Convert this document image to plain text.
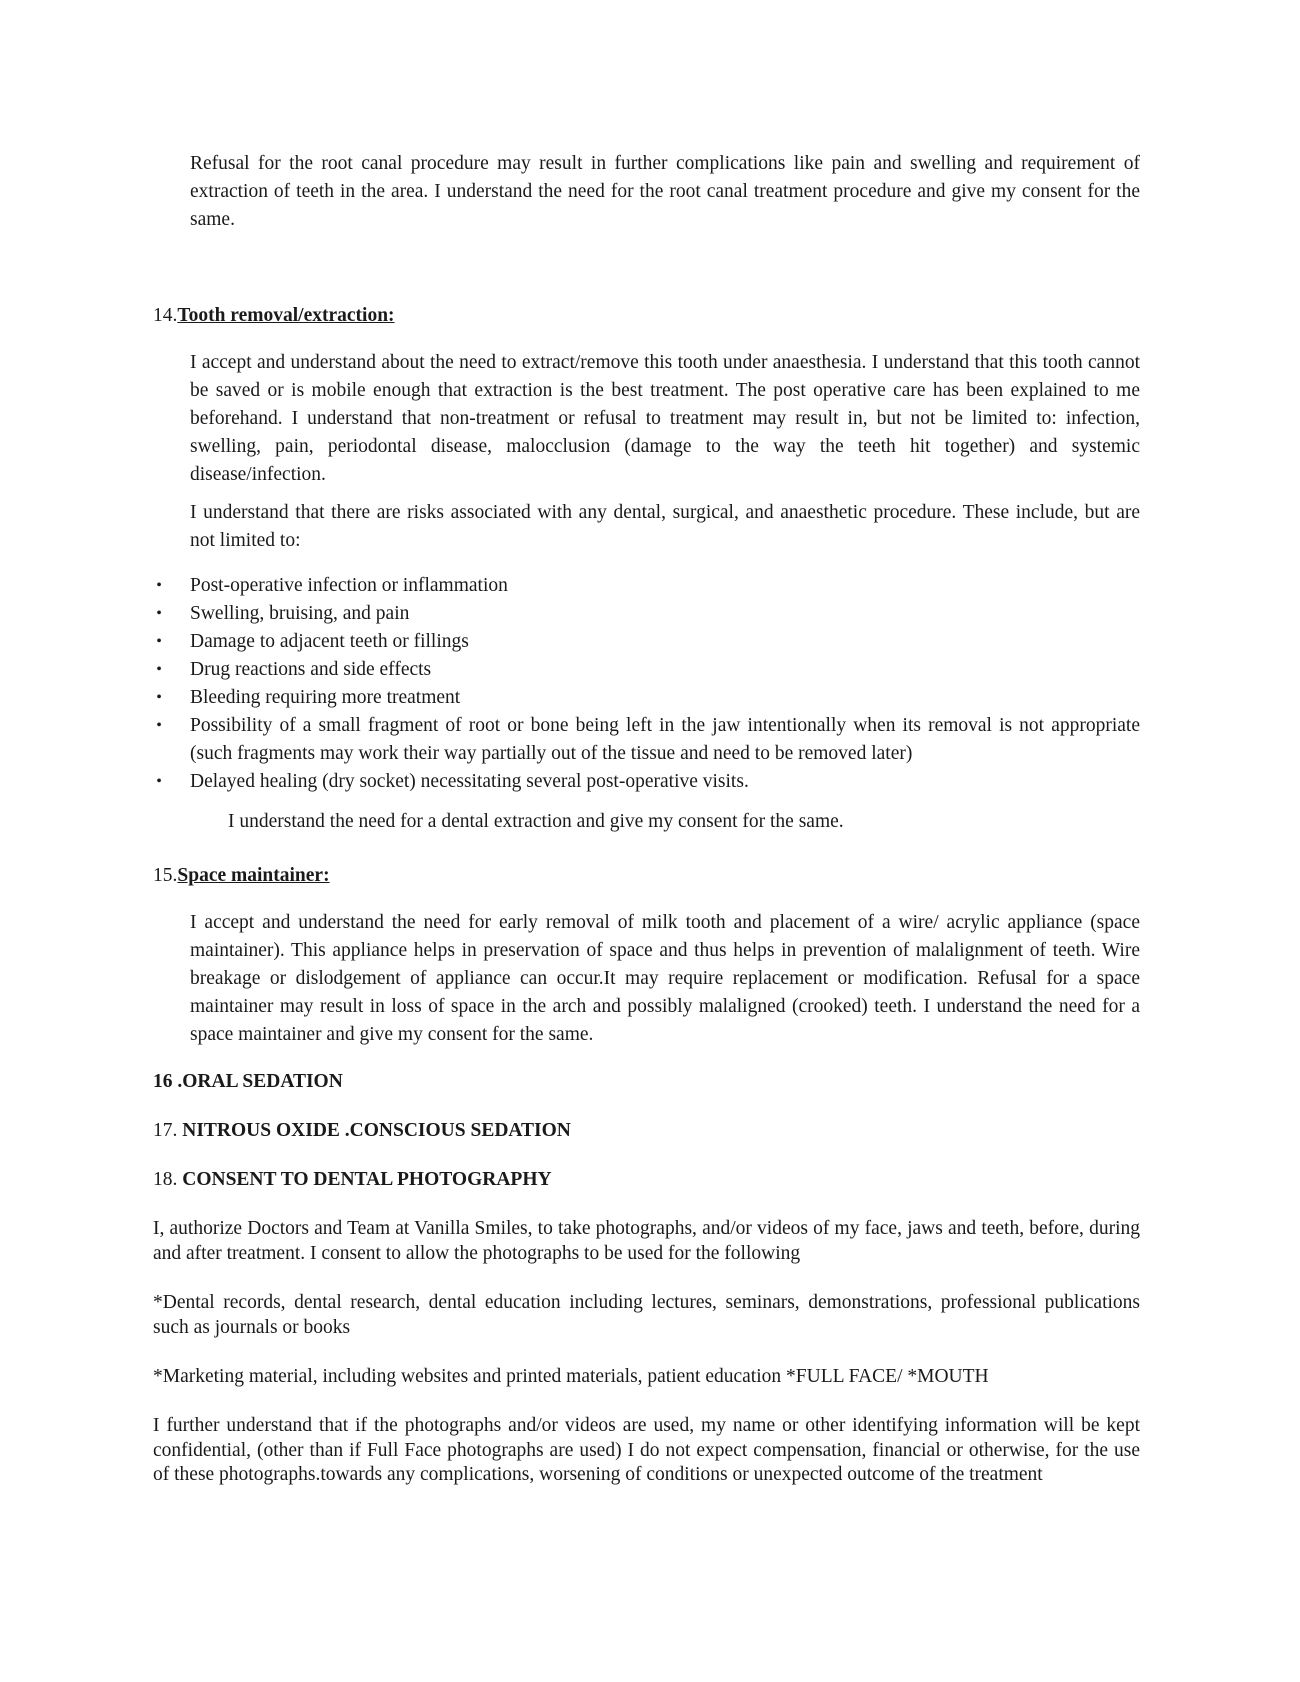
Refusal for the root canal procedure may result in further complications like pain and swelling and requirement of extraction of teeth in the area. I understand the need for the root canal treatment procedure and give my consent for the same.

14.Tooth removal/extraction:

I accept and understand about the need to extract/remove this tooth under anaesthesia. I understand that this tooth cannot be saved or is mobile enough that extraction is the best treatment. The post operative care has been explained to me beforehand. I understand that non-treatment or refusal to treatment may result in, but not be limited to: infection, swelling, pain, periodontal disease, malocclusion (damage to the way the teeth hit together) and systemic disease/infection.

I understand that there are risks associated with any dental, surgical, and anaesthetic procedure. These include, but are not limited to:

• Post-operative infection or inflammation
• Swelling, bruising, and pain
• Damage to adjacent teeth or fillings
• Drug reactions and side effects
• Bleeding requiring more treatment
• Possibility of a small fragment of root or bone being left in the jaw intentionally when its removal is not appropriate (such fragments may work their way partially out of the tissue and need to be removed later)
• Delayed healing (dry socket) necessitating several post-operative visits.

I understand the need for a dental extraction and give my consent for the same.

15.Space maintainer:

I accept and understand the need for early removal of milk tooth and placement of a wire/ acrylic appliance (space maintainer). This appliance helps in preservation of space and thus helps in prevention of malalignment of teeth. Wire breakage or dislodgement of appliance can occur.It may require replacement or modification. Refusal for a space maintainer may result in loss of space in the arch and possibly malaligned (crooked) teeth. I understand the need for a space maintainer and give my consent for the same.

16 .ORAL SEDATION

17. NITROUS OXIDE .CONSCIOUS SEDATION

18. CONSENT TO DENTAL PHOTOGRAPHY

I, authorize Doctors and Team at Vanilla Smiles, to take photographs, and/or videos of my face, jaws and teeth, before, during and after treatment. I consent to allow the photographs to be used for the following

*Dental records, dental research, dental education including lectures, seminars, demonstrations, professional publications such as journals or books

*Marketing material, including websites and printed materials, patient education *FULL FACE/ *MOUTH

I further understand that if the photographs and/or videos are used, my name or other identifying information will be kept confidential, (other than if Full Face photographs are used) I do not expect compensation, financial or otherwise, for the use of these photographs.towards any complications, worsening of conditions or unexpected outcome of the treatment
